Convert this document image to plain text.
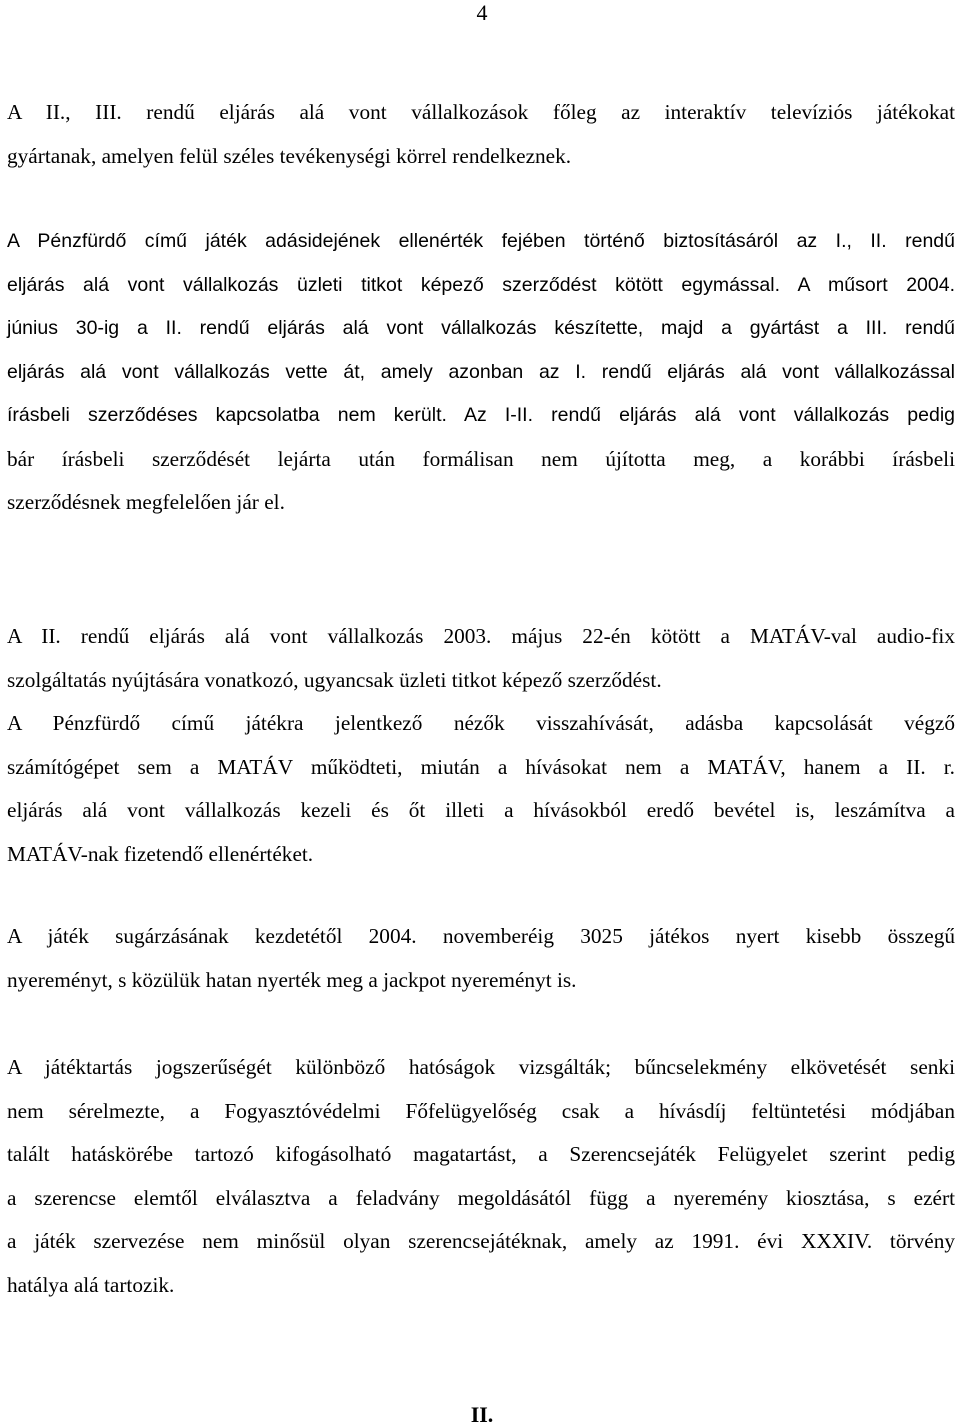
4
A II., III. rendű eljárás alá vont vállalkozások főleg az interaktív televíziós játékokat
gyártanak, amelyen felül széles tevékenységi körrel rendelkeznek.
A Pénzfürdő című játék adásidejének ellenérték fejében történő biztosításáról az I., II. rendű
eljárás alá vont vállalkozás üzleti titkot képező szerződést kötött egymással. A műsort 2004.
június 30-ig a II. rendű eljárás alá vont vállalkozás készítette, majd a gyártást a III. rendű
eljárás alá vont vállalkozás vette át, amely azonban az I. rendű eljárás alá vont vállalkozással
írásbeli szerződéses kapcsolatba nem került. Az I-II. rendű eljárás alá vont vállalkozás pedig
bár írásbeli szerződését lejárta után formálisan nem újította meg, a korábbi írásbeli
szerződésnek megfelelően jár el.
A II. rendű eljárás alá vont vállalkozás 2003. május 22-én kötött a MATÁV-val audio-fix
szolgáltatás nyújtására vonatkozó, ugyancsak üzleti titkot képező szerződést.
A Pénzfürdő című játékra jelentkező nézők visszahívását, adásba kapcsolását végző
számítógépet sem a MATÁV működteti, miután a hívásokat nem a MATÁV, hanem a II. r.
eljárás alá vont vállalkozás kezeli és őt illeti a hívásokból eredő bevétel is, leszámítva a
MATÁV-nak fizetendő ellenértéket.
A játék sugárzásának kezdetétől 2004. novemberéig 3025 játékos nyert kisebb összegű
nyereményt, s közülük hatan nyerték meg a jackpot nyereményt is.
A játéktartás jogszerűségét különböző hatóságok vizsgálták; bűncselekmény elkövetését senki
nem sérelmezte, a Fogyasztóvédelmi Főfelügyelőség csak a hívásdíj feltüntetési módjában
talált hatáskörébe tartozó kifogásolható magatartást, a Szerencsejáték Felügyelet szerint pedig
a szerencse elemtől elválasztva a feladvány megoldásától függ a nyeremény kiosztása, s ezért
a játék szervezése nem minősül olyan szerencsejátéknak, amely az 1991. évi XXXIV. törvény
hatálya alá tartozik.
II.
